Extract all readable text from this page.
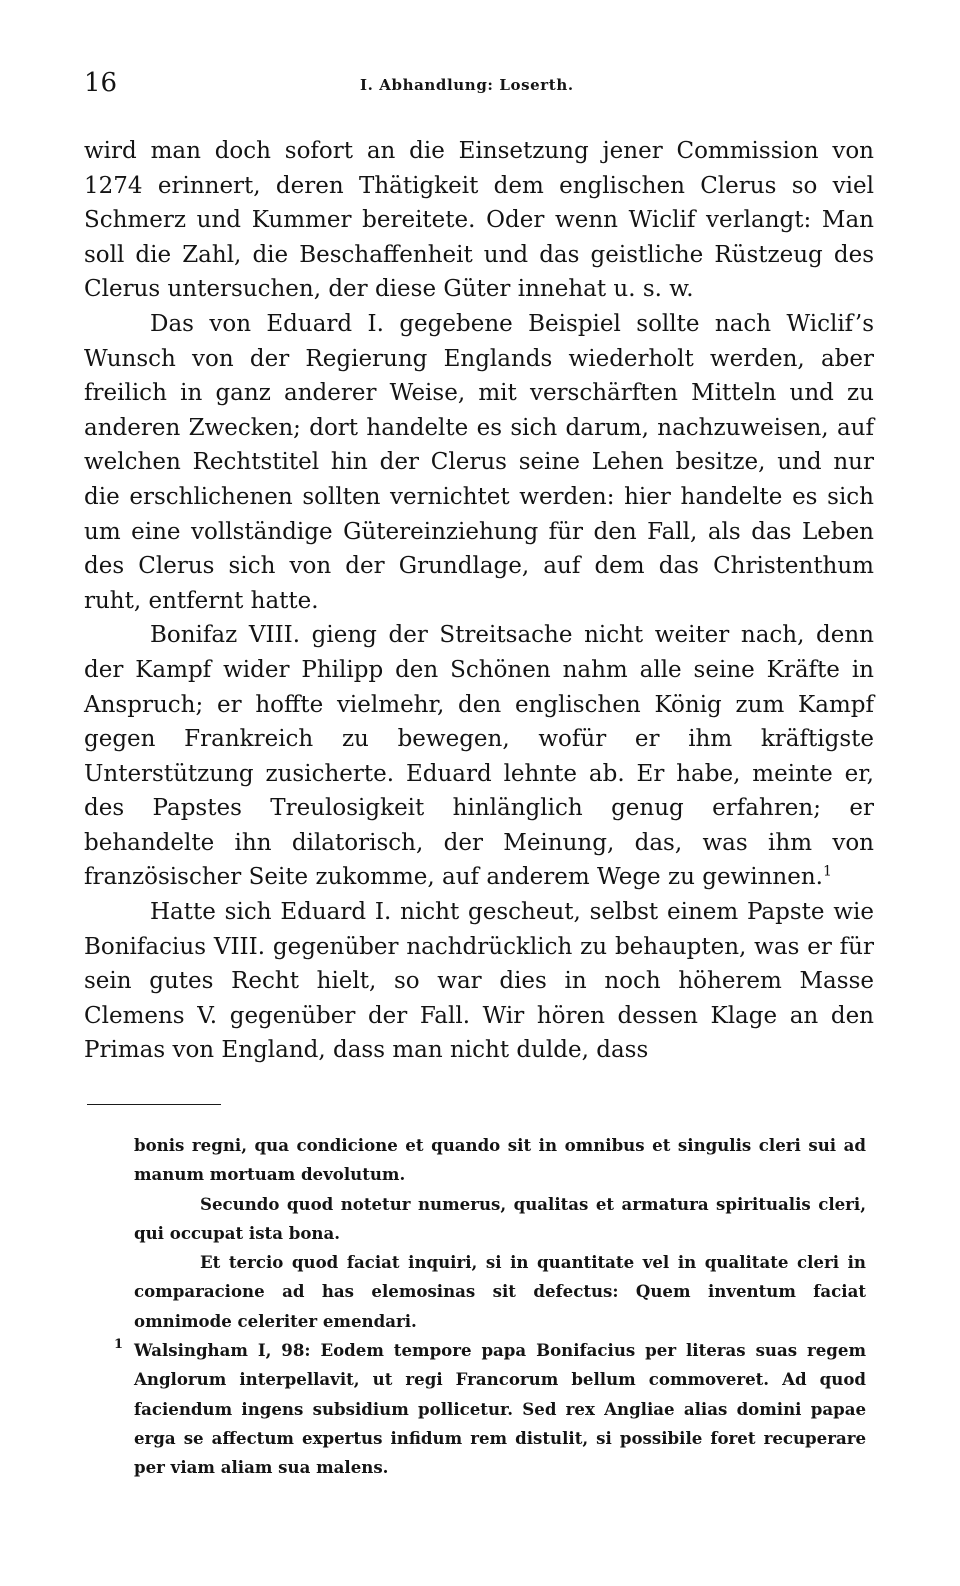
16	I. Abhandlung: Loserth.

wird man doch sofort an die Einsetzung jener Commission von 1274 erinnert, deren Thätigkeit dem englischen Clerus so viel Schmerz und Kummer bereitete. Oder wenn Wiclif verlangt: Man soll die Zahl, die Beschaffenheit und das geistliche Rüstzeug des Clerus untersuchen, der diese Güter innehat u. s. w.

Das von Eduard I. gegebene Beispiel sollte nach Wiclif’s Wunsch von der Regierung Englands wiederholt werden, aber freilich in ganz anderer Weise, mit verschärften Mitteln und zu anderen Zwecken; dort handelte es sich darum, nachzuweisen, auf welchen Rechtstitel hin der Clerus seine Lehen besitze, und nur die erschlichenen sollten vernichtet werden: hier handelte es sich um eine vollständige Gütereinziehung für den Fall, als das Leben des Clerus sich von der Grundlage, auf dem das Christenthum ruht, entfernt hatte.

Bonifaz VIII. gieng der Streitsache nicht weiter nach, denn der Kampf wider Philipp den Schönen nahm alle seine Kräfte in Anspruch; er hoffte vielmehr, den englischen König zum Kampf gegen Frankreich zu bewegen, wofür er ihm kräftigste Unterstützung zusicherte. Eduard lehnte ab. Er habe, meinte er, des Papstes Treulosigkeit hinlänglich genug erfahren; er behandelte ihn dilatorisch, der Meinung, das, was ihm von französischer Seite zukomme, auf anderem Wege zu gewinnen.$^1$

Hatte sich Eduard I. nicht gescheut, selbst einem Papste wie Bonifacius VIII. gegenüber nachdrücklich zu behaupten, was er für sein gutes Recht hielt, so war dies in noch höherem Masse Clemens V. gegenüber der Fall. Wir hören dessen Klage an den Primas von England, dass man nicht dulde, dass

bonis regni, qua condicione et quando sit in omnibus et singulis cleri sui ad manum mortuam devolutum.

Secundo quod notetur numerus, qualitas et armatura spiritualis cleri, qui occupat ista bona.

Et tercio quod faciat inquiri, si in quantitate vel in qualitate cleri in comparacione ad has elemosinas sit defectus: Quem inventum faciat omnimode celeriter emendari.

1 Walsingham I, 98: Eodem tempore papa Bonifacius per literas suas regem Anglorum interpellavit, ut regi Francorum bellum commoveret. Ad quod faciendum ingens subsidium pollicetur. Sed rex Angliae alias domini papae erga se affectum expertus infidum rem distulit, si possibile foret recuperare per viam aliam sua malens.
